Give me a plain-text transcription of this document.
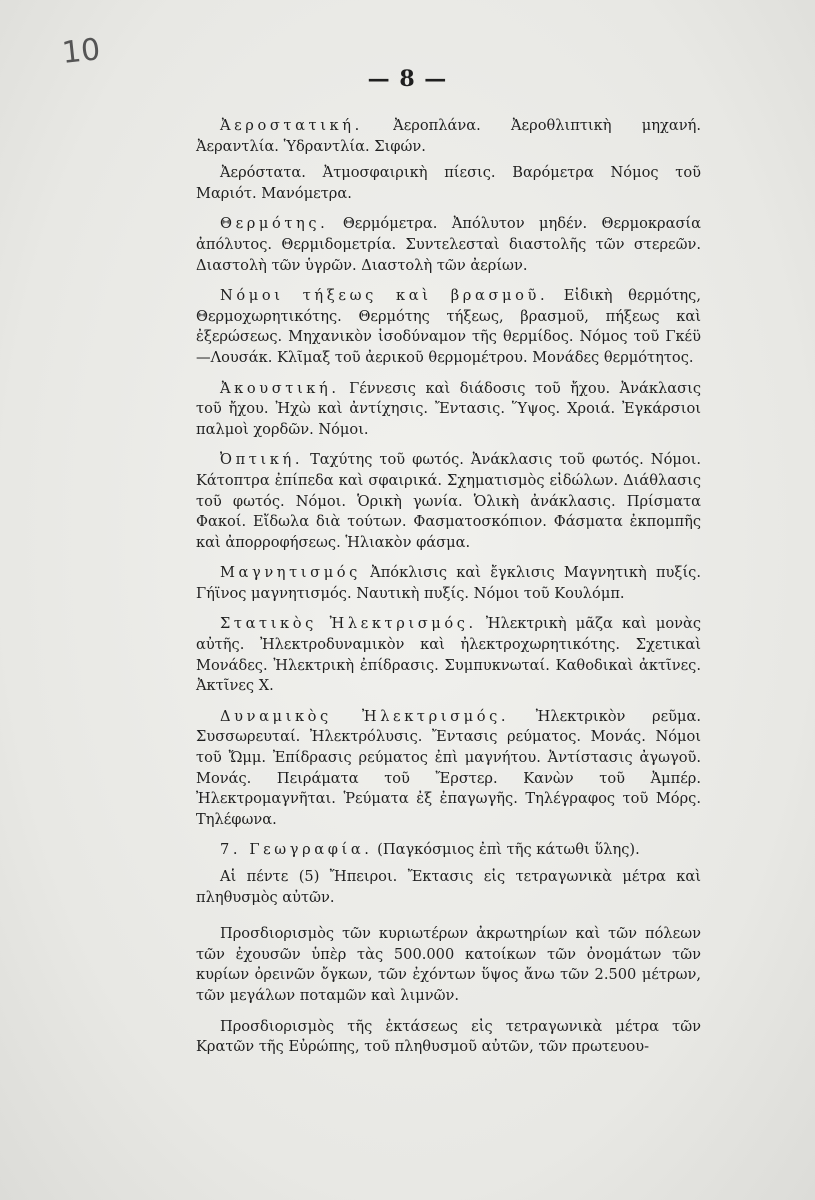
10
— 8 —

Ἀεροστατική. Ἀεροπλάνα. Ἀεροθλιπτικὴ μηχανή. Ἀεραντλία. Ὑδραντλία. Σιφών.

Ἀερόστατα. Ἀτμοσφαιρικὴ πίεσις. Βαρόμετρα Νόμος τοῦ Μαριότ. Μανόμετρα.

Θερμότης. Θερμόμετρα. Ἀπόλυτον μηδέν. Θερμοκρασία ἀπόλυτος. Θερμιδομετρία. Συντελεσταὶ διαστολῆς τῶν στερεῶν. Διαστολὴ τῶν ὑγρῶν. Διαστολὴ τῶν ἀερίων.

Νόμοι τήξεως καὶ βρασμοῦ. Εἰδικὴ θερμότης, Θερμοχωρητικότης. Θερμότης τήξεως, βρασμοῦ, πήξεως καὶ ἐξερώσεως. Μηχανικὸν ἰσοδύναμον τῆς θερμίδος. Νόμος τοῦ Γκέϋ—Λουσάκ. Κλῖμαξ τοῦ ἀερικοῦ θερμομέτρου. Μονάδες θερμότητος.

Ἀκουστική. Γέννεσις καὶ διάδοσις τοῦ ἤχου. Ἀνάκλασις τοῦ ἤχου. Ἠχὼ καὶ ἀντίχησις. Ἔντασις. Ὕψος. Χροιά. Ἐγκάρσιοι παλμοὶ χορδῶν. Νόμοι.

Ὀπτική. Ταχύτης τοῦ φωτός. Ἀνάκλασις τοῦ φωτός. Νόμοι. Κάτοπτρα ἐπίπεδα καὶ σφαιρικά. Σχηματισμὸς εἰδώλων. Διάθλασις τοῦ φωτός. Νόμοι. Ὁρικὴ γωνία. Ὁλικὴ ἀνάκλασις. Πρίσματα Φακοί. Εἴδωλα διὰ τούτων. Φασματοσκόπιον. Φάσματα ἐκπομπῆς καὶ ἀπορροφήσεως. Ἡλιακὸν φάσμα.

Μαγνητισμός Ἀπόκλισις καὶ ἔγκλισις Μαγνητικὴ πυξίς. Γήϊνος μαγνητισμός. Ναυτικὴ πυξίς. Νόμοι τοῦ Κουλόμπ.

Στατικὸς Ἠλεκτρισμός. Ἠλεκτρικὴ μᾶζα καὶ μονὰς αὐτῆς. Ἠλεκτροδυναμικὸν καὶ ἠλεκτροχωρητικότης. Σχετικαὶ Μονάδες. Ἠλεκτρικὴ ἐπίδρασις. Συμπυκνωταί. Καθοδικαὶ ἀκτῖνες. Ἀκτῖνες Χ.

Δυναμικὸς Ἠλεκτρισμός. Ἠλεκτρικὸν ρεῦμα. Συσσωρευταί. Ἠλεκτρόλυσις. Ἔντασις ρεύματος. Μονάς. Νόμοι τοῦ Ὤμμ. Ἐπίδρασις ρεύματος ἐπὶ μαγνήτου. Ἀντίστασις ἀγωγοῦ. Μονάς. Πειράματα τοῦ Ἔρστερ. Κανὼν τοῦ Ἀμπέρ. Ἠλεκτρομαγνῆται. Ῥεύματα ἐξ ἐπαγωγῆς. Τηλέγραφος τοῦ Μόρς. Τηλέφωνα.

7. Γεωγραφία. (Παγκόσμιος ἐπὶ τῆς κάτωθι ὕλης).

Αἱ πέντε (5) Ἤπειροι. Ἔκτασις εἰς τετραγωνικὰ μέτρα καὶ πληθυσμὸς αὐτῶν.

Προσδιορισμὸς τῶν κυριωτέρων ἀκρωτηρίων καὶ τῶν πόλεων τῶν ἐχουσῶν ὑπὲρ τὰς 500.000 κατοίκων τῶν ὀνομάτων τῶν κυρίων ὀρεινῶν ὄγκων, τῶν ἐχόντων ὕψος ἄνω τῶν 2.500 μέτρων, τῶν μεγάλων ποταμῶν καὶ λιμνῶν.

Προσδιορισμὸς τῆς ἐκτάσεως εἰς τετραγωνικὰ μέτρα τῶν Κρατῶν τῆς Εὐρώπης, τοῦ πληθυσμοῦ αὐτῶν, τῶν πρωτευου-
